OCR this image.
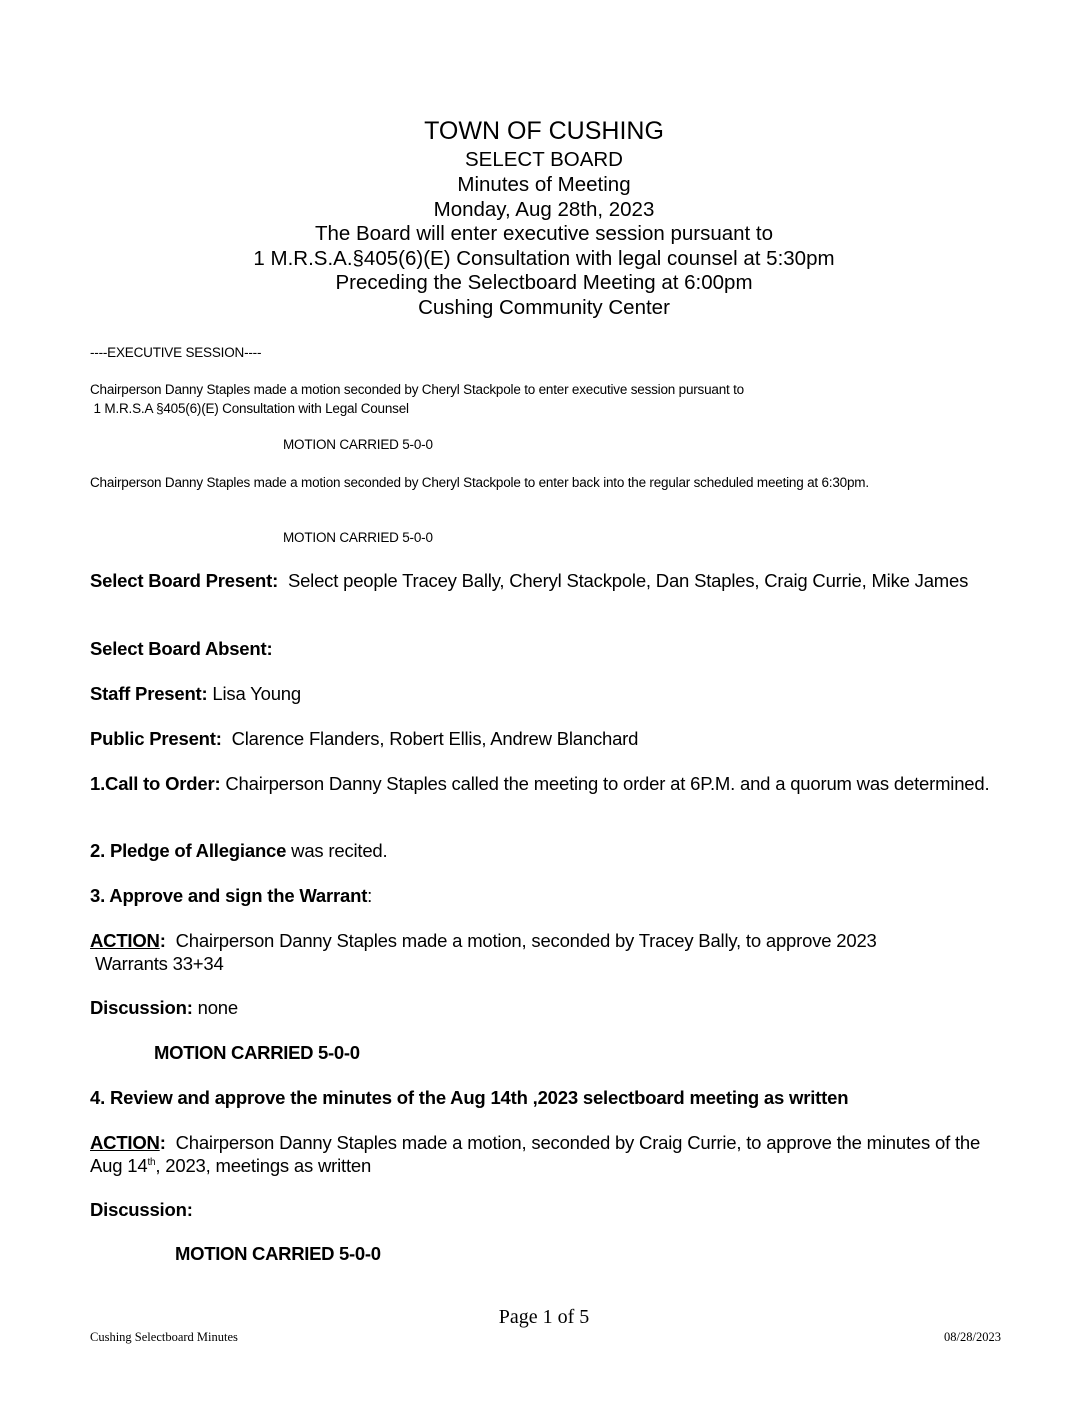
TOWN OF CUSHING
SELECT BOARD
Minutes of Meeting
Monday, Aug 28th, 2023
The Board will enter executive session pursuant to
1 M.R.S.A.§405(6)(E) Consultation with legal counsel at 5:30pm
Preceding the Selectboard Meeting at 6:00pm
Cushing Community Center
----EXECUTIVE SESSION----
Chairperson Danny Staples made a motion seconded by Cheryl Stackpole to enter executive session pursuant to
1 M.R.S.A §405(6)(E) Consultation with Legal Counsel
MOTION CARRIED 5-0-0
Chairperson Danny Staples made a motion seconded by Cheryl Stackpole to enter back into the regular scheduled meeting at 6:30pm.
MOTION CARRIED 5-0-0
Select Board Present:  Select people Tracey Bally, Cheryl Stackpole, Dan Staples, Craig Currie, Mike James
Select Board Absent:
Staff Present: Lisa Young
Public Present:  Clarence Flanders, Robert Ellis, Andrew Blanchard
1.Call to Order: Chairperson Danny Staples called the meeting to order at 6P.M. and a quorum was determined.
2. Pledge of Allegiance was recited.
3. Approve and sign the Warrant:
ACTION:  Chairperson Danny Staples made a motion, seconded by Tracey Bally, to approve 2023
Warrants 33+34
Discussion: none
MOTION CARRIED 5-0-0
4. Review and approve the minutes of the Aug 14th ,2023 selectboard meeting as written
ACTION:  Chairperson Danny Staples made a motion, seconded by Craig Currie, to approve the minutes of the Aug 14th, 2023, meetings as written
Discussion:
MOTION CARRIED 5-0-0
Page 1 of 5
Cushing Selectboard Minutes	08/28/2023
